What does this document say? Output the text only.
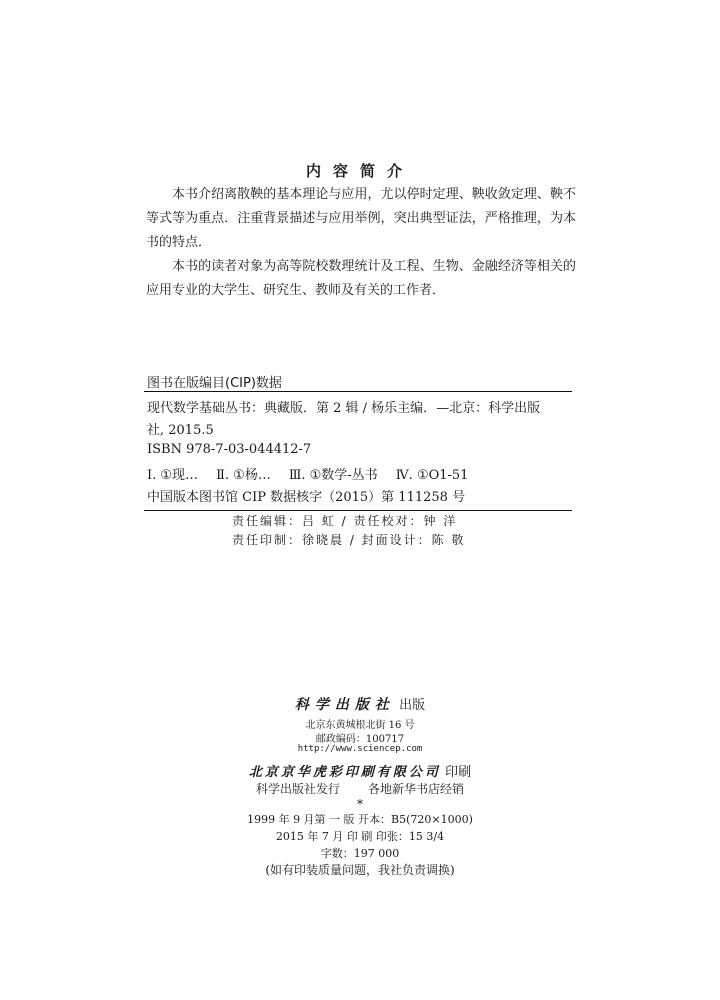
内容简介

本书介绍离散鞅的基本理论与应用，尤以停时定理、鞅收敛定理、鞅不等式等为重点．注重背景描述与应用举例，突出典型证法，严格推理，为本书的特点．

本书的读者对象为高等院校数理统计及工程、生物、金融经济等相关的应用专业的大学生、研究生、教师及有关的工作者．

图书在版编目(CIP)数据
现代数学基础丛书：典藏版．第 2 辑 / 杨乐主编．—北京：科学出版
社, 2015.5
ISBN 978-7-03-044412-7
Ⅰ. ①现… Ⅱ. ①杨… Ⅲ. ①数学-丛书 Ⅳ. ①O1-51
中国版本图书馆 CIP 数据核字（2015）第 111258 号
责任编辑：吕 虹 / 责任校对：钟 洋
责任印制：徐晓晨 / 封面设计：陈 敬
科学出版社 出版
北京东黄城根北街 16 号
邮政编码：100717
http://www.sciencep.com
北京京华虎彩印刷有限公司 印刷
科学出版社发行 各地新华书店经销
*
1999 年 9 月第 一 版 开本：B5(720×1000)
2015 年 7 月 印 刷 印张：15 3/4
字数：197 000
(如有印装质量问题，我社负责调换)
